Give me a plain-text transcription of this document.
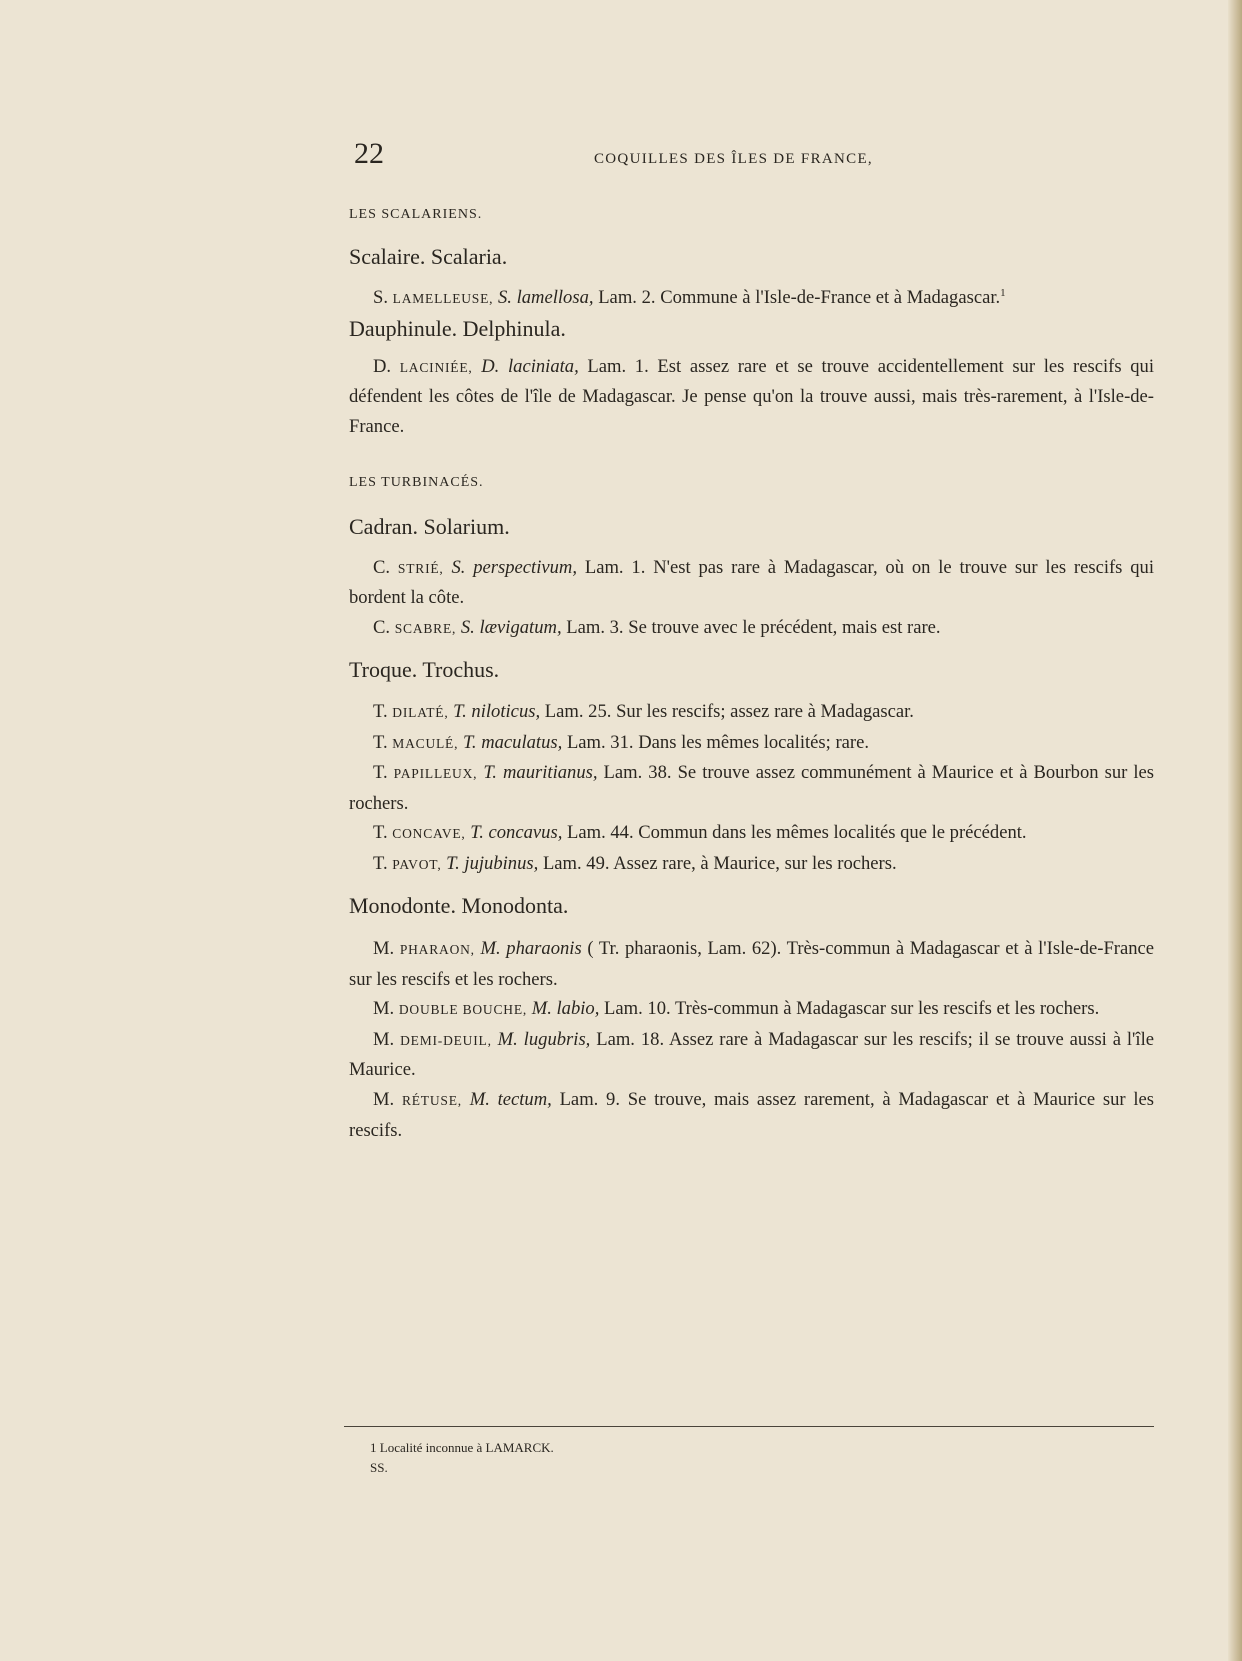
22	COQUILLES DES ÎLES DE FRANCE,

LES SCALARIENS.

Scalaire. Scalaria.

S. LAMELLEUSE, S. lamellosa, Lam. 2. Commune à l'Isle-de-France et à Madagascar.$^1$

Dauphinule. Delphinula.

D. LACINIÉE, D. laciniata, Lam. 1. Est assez rare et se trouve accidentellement sur les rescifs qui défendent les côtes de l'île de Madagascar. Je pense qu'on la trouve aussi, mais très-rarement, à l'Isle-de-France.

LES TURBINACÉS.

Cadran. Solarium.

C. STRIÉ, S. perspectivum, Lam. 1. N'est pas rare à Madagascar, où on le trouve sur les rescifs qui bordent la côte.

C. SCABRE, S. lævigatum, Lam. 3. Se trouve avec le précédent, mais est rare.

Troque. Trochus.

T. DILATÉ, T. niloticus, Lam. 25. Sur les rescifs; assez rare à Madagascar.

T. MACULÉ, T. maculatus, Lam. 31. Dans les mêmes localités; rare.

T. PAPILLEUX, T. mauritianus, Lam. 38. Se trouve assez communément à Maurice et à Bourbon sur les rochers.

T. CONCAVE, T. concavus, Lam. 44. Commun dans les mêmes localités que le précédent.

T. PAVOT, T. jujubinus, Lam. 49. Assez rare, à Maurice, sur les rochers.

Monodonte. Monodonta.

M. PHARAON, M. pharaonis ( Tr. pharaonis, Lam. 62). Très-commun à Madagascar et à l'Isle-de-France sur les rescifs et les rochers.

M. DOUBLE BOUCHE, M. labio, Lam. 10. Très-commun à Madagascar sur les rescifs et les rochers.

M. DEMI-DEUIL, M. lugubris, Lam. 18. Assez rare à Madagascar sur les rescifs; il se trouve aussi à l'île Maurice.

M. RÉTUSE, M. tectum, Lam. 9. Se trouve, mais assez rarement, à Madagascar et à Maurice sur les rescifs.

1 Localité inconnue à LAMARCK.
SS.
